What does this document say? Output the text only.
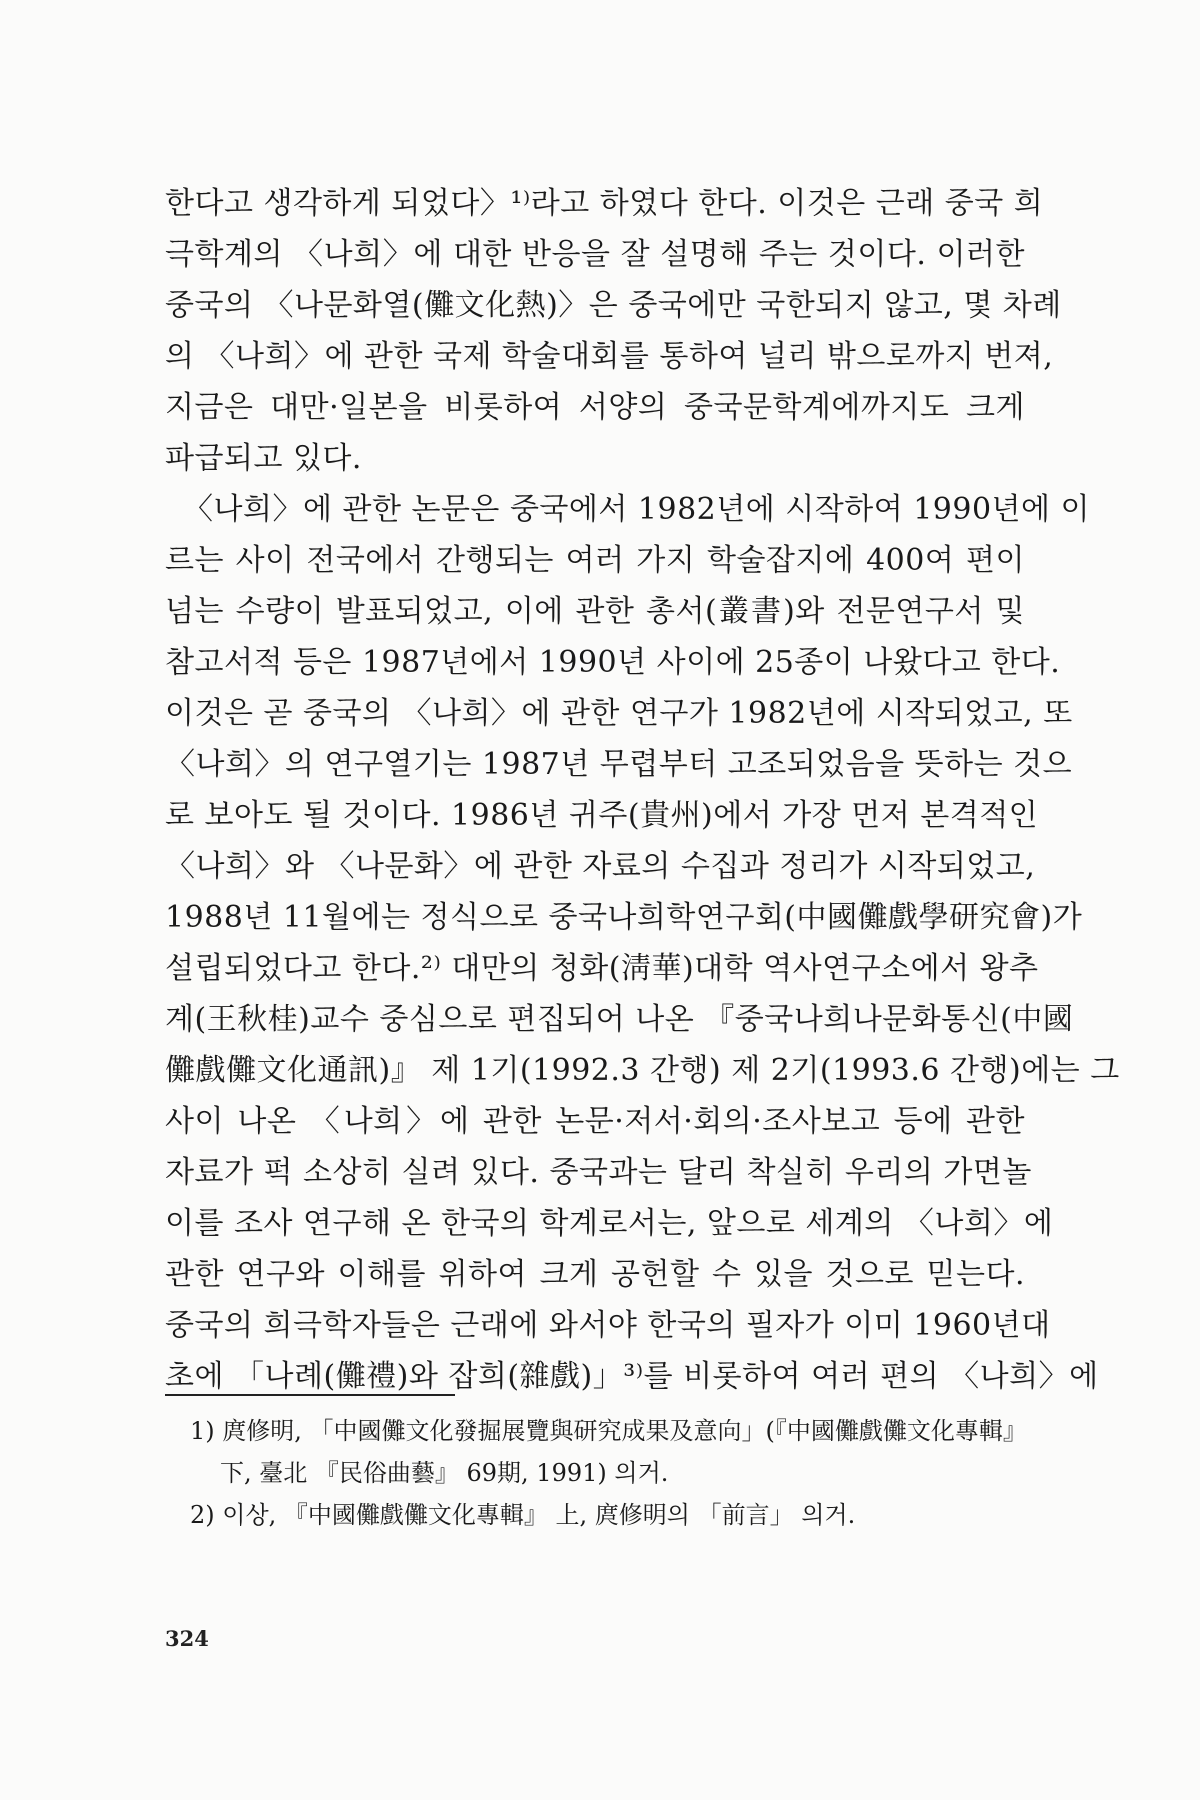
한다고 생각하게 되었다〉¹⁾라고 하였다 한다. 이것은 근래 중국 희
극학계의 〈나희〉에 대한 반응을 잘 설명해 주는 것이다. 이러한
중국의 〈나문화열(儺文化熱)〉은 중국에만 국한되지 않고, 몇 차례
의 〈나희〉에 관한 국제 학술대회를 통하여 널리 밖으로까지 번져,
지금은 대만·일본을 비롯하여 서양의 중국문학계에까지도 크게
파급되고 있다.
〈나희〉에 관한 논문은 중국에서 1982년에 시작하여 1990년에 이
르는 사이 전국에서 간행되는 여러 가지 학술잡지에 400여 편이
넘는 수량이 발표되었고, 이에 관한 총서(叢書)와 전문연구서 및
참고서적 등은 1987년에서 1990년 사이에 25종이 나왔다고 한다.
이것은 곧 중국의 〈나희〉에 관한 연구가 1982년에 시작되었고, 또
〈나희〉의 연구열기는 1987년 무렵부터 고조되었음을 뜻하는 것으
로 보아도 될 것이다. 1986년 귀주(貴州)에서 가장 먼저 본격적인
〈나희〉와 〈나문화〉에 관한 자료의 수집과 정리가 시작되었고,
1988년 11월에는 정식으로 중국나희학연구회(中國儺戲學研究會)가
설립되었다고 한다.²⁾ 대만의 청화(淸華)대학 역사연구소에서 왕추
계(王秋桂)교수 중심으로 편집되어 나온 『중국나희나문화통신(中國
儺戲儺文化通訊)』 제 1기(1992.3 간행) 제 2기(1993.6 간행)에는 그
사이 나온 〈나희〉에 관한 논문·저서·회의·조사보고 등에 관한
자료가 퍽 소상히 실려 있다. 중국과는 달리 착실히 우리의 가면놀
이를 조사 연구해 온 한국의 학계로서는, 앞으로 세계의 〈나희〉에
관한 연구와 이해를 위하여 크게 공헌할 수 있을 것으로 믿는다.
중국의 희극학자들은 근래에 와서야 한국의 필자가 이미 1960년대
초에 「나례(儺禮)와 잡희(雜戲)」³⁾를 비롯하여 여러 편의 〈나희〉에
1) 庹修明, 「中國儺文化發掘展覽與研究成果及意向」(『中國儺戲儺文化專輯』
下, 臺北 『民俗曲藝』 69期, 1991) 의거.
2) 이상, 『中國儺戲儺文化專輯』 上, 庹修明의 「前言」 의거.
324
